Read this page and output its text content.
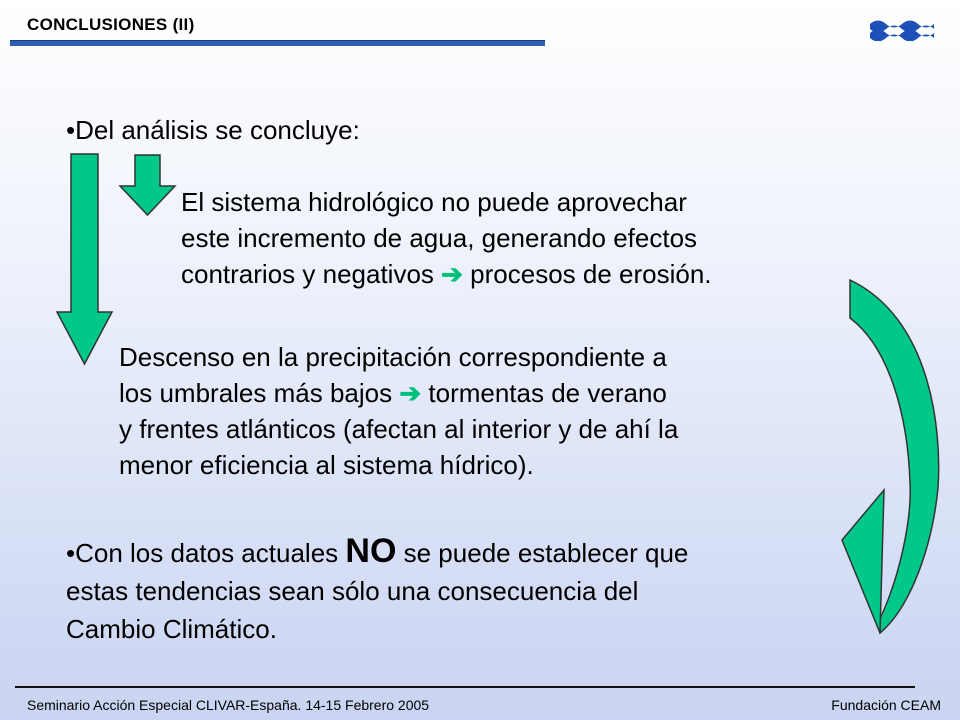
CONCLUSIONES (II)
•Del análisis se concluye:
El sistema hidrológico no puede aprovechar
este incremento de agua, generando efectos
contrarios y negativos ➔ procesos de erosión.
Descenso en la precipitación correspondiente a
los umbrales más bajos ➔ tormentas de verano
y frentes atlánticos (afectan al interior y de ahí la
menor eficiencia al sistema hídrico).
•Con los datos actuales NO se puede establecer que
estas tendencias sean sólo una consecuencia del
Cambio Climático.
Seminario Acción Especial CLIVAR-España. 14-15 Febrero 2005	Fundación CEAM
